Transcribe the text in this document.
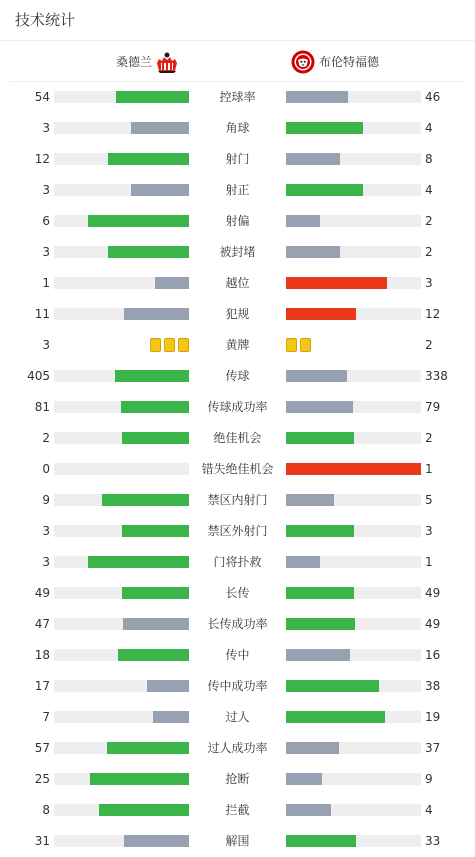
技术统计
桑德兰	布伦特福德
54	控球率	46
3	角球	4
12	射门	8
3	射正	4
6	射偏	2
3	被封堵	2
1	越位	3
11	犯规	12
3	黄牌	2
405	传球	338
81	传球成功率	79
2	绝佳机会	2
0	错失绝佳机会	1
9	禁区内射门	5
3	禁区外射门	3
3	门将扑救	1
49	长传	49
47	长传成功率	49
18	传中	16
17	传中成功率	38
7	过人	19
57	过人成功率	37
25	抢断	9
8	拦截	4
31	解围	33
